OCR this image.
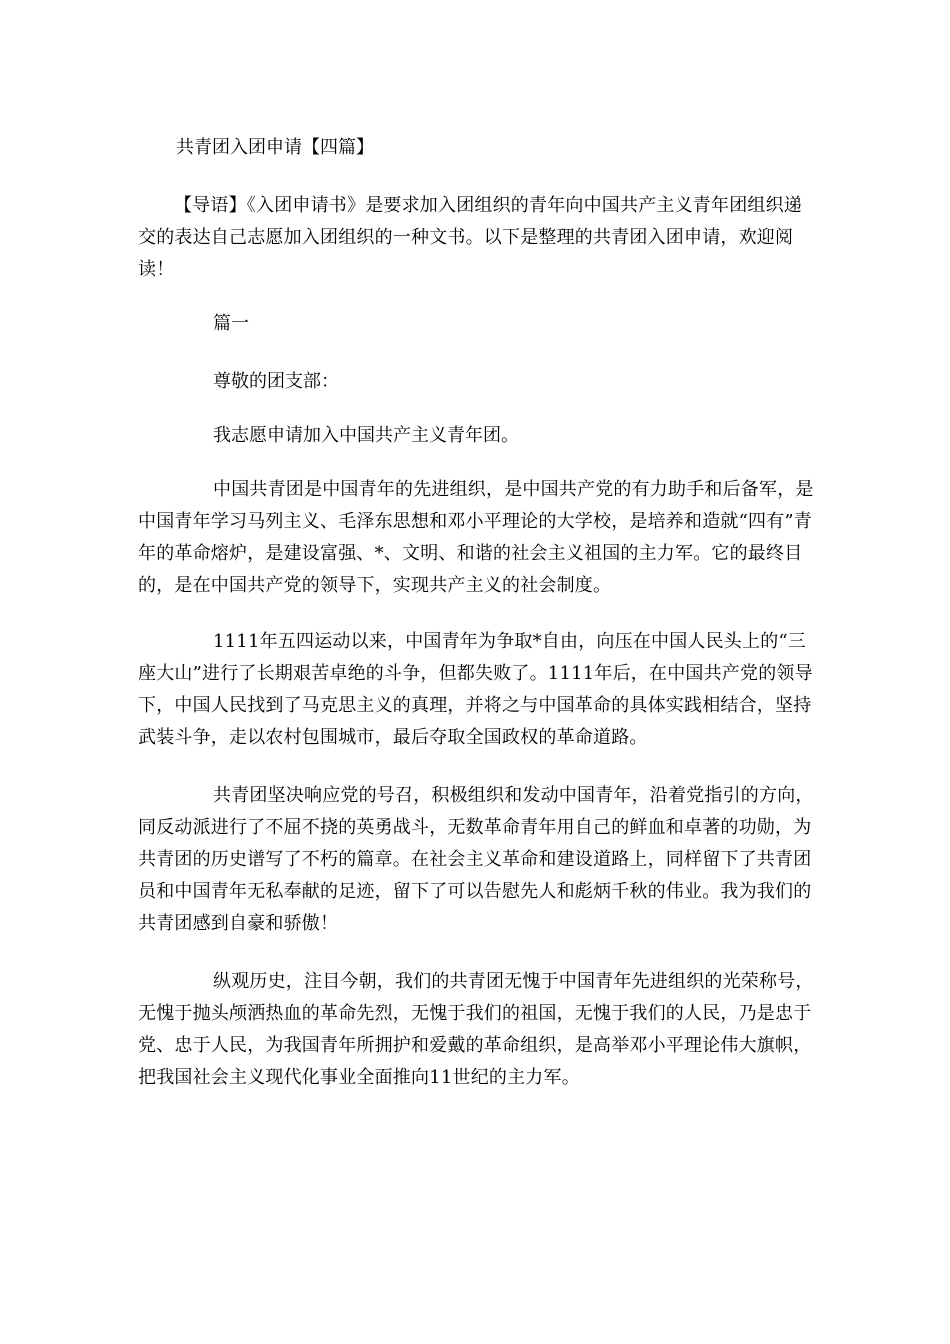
共青团入团申请【四篇】

【导语】《入团申请书》是要求加入团组织的青年向中国共产主义青年团组织递交的表达自己志愿加入团组织的一种文书。以下是整理的共青团入团申请，欢迎阅读！

篇一

尊敬的团支部：

我志愿申请加入中国共产主义青年团。

中国共青团是中国青年的先进组织，是中国共产党的有力助手和后备军，是中国青年学习马列主义、毛泽东思想和邓小平理论的大学校，是培养和造就“四有”青年的革命熔炉，是建设富强、*、文明、和谐的社会主义祖国的主力军。它的最终目的，是在中国共产党的领导下，实现共产主义的社会制度。

1111年五四运动以来，中国青年为争取*自由，向压在中国人民头上的“三座大山”进行了长期艰苦卓绝的斗争，但都失败了。1111年后，在中国共产党的领导下，中国人民找到了马克思主义的真理，并将之与中国革命的具体实践相结合，坚持武装斗争，走以农村包围城市，最后夺取全国政权的革命道路。

共青团坚决响应党的号召，积极组织和发动中国青年，沿着党指引的方向，同反动派进行了不屈不挠的英勇战斗，无数革命青年用自己的鲜血和卓著的功勋，为共青团的历史谱写了不朽的篇章。在社会主义革命和建设道路上，同样留下了共青团员和中国青年无私奉献的足迹，留下了可以告慰先人和彪炳千秋的伟业。我为我们的共青团感到自豪和骄傲！

纵观历史，注目今朝，我们的共青团无愧于中国青年先进组织的光荣称号，无愧于抛头颅洒热血的革命先烈，无愧于我们的祖国，无愧于我们的人民，乃是忠于党、忠于人民，为我国青年所拥护和爱戴的革命组织，是高举邓小平理论伟大旗帜，把我国社会主义现代化事业全面推向11世纪的主力军。
